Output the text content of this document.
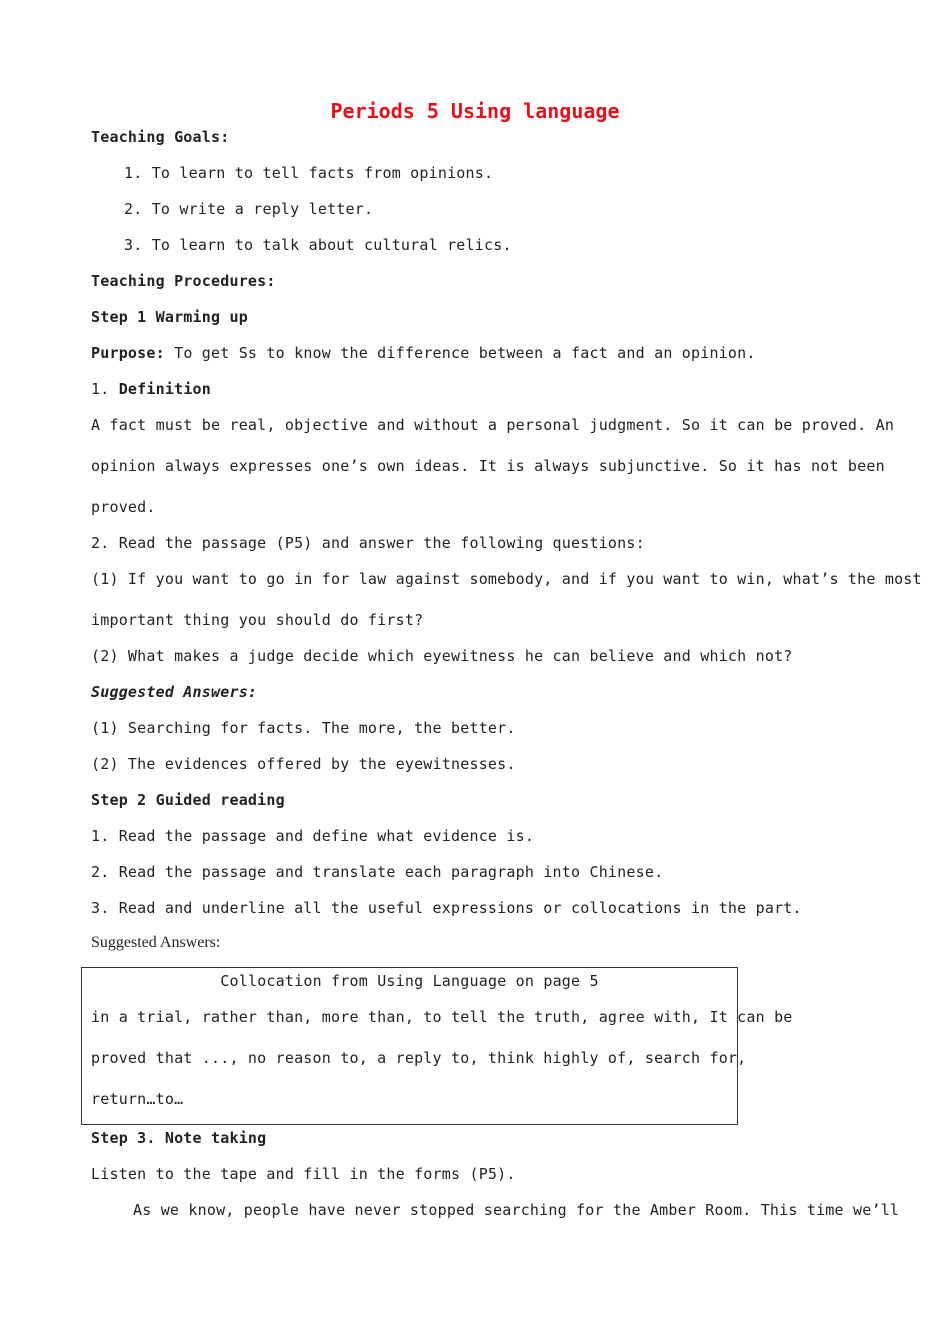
Periods 5 Using language
Teaching Goals:
1. To learn to tell facts from opinions.
2. To write a reply letter.
3. To learn to talk about cultural relics.
Teaching Procedures:
Step 1 Warming up
Purpose: To get Ss to know the difference between a fact and an opinion.
1. Definition
A fact must be real, objective and without a personal judgment. So it can be proved. An
opinion always expresses one’s own ideas. It is always subjunctive. So it has not been
proved.
2. Read the passage (P5) and answer the following questions:
(1) If you want to go in for law against somebody, and if you want to win, what’s the most
important thing you should do first?
(2) What makes a judge decide which eyewitness he can believe and which not?
Suggested Answers:
(1) Searching for facts. The more, the better.
(2) The evidences offered by the eyewitnesses.
Step 2 Guided reading
1. Read the passage and define what evidence is.
2. Read the passage and translate each paragraph into Chinese.
3. Read and underline all the useful expressions or collocations in the part.
Suggested Answers:
Collocation from Using Language on page 5
in a trial, rather than, more than, to tell the truth, agree with, It can be
proved that ..., no reason to, a reply to, think highly of, search for,
return…to…
Step 3. Note taking
Listen to the tape and fill in the forms (P5).
As we know, people have never stopped searching for the Amber Room. This time we’ll
